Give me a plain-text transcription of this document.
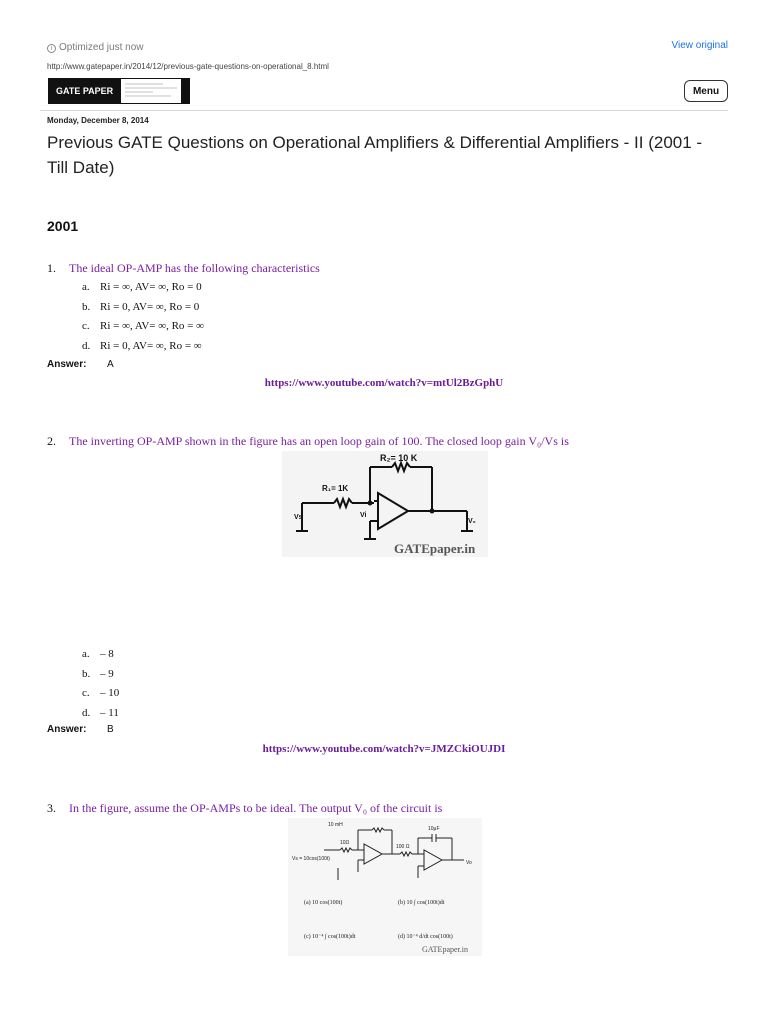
i Optimized just now	View original
http://www.gatepaper.in/2014/12/previous-gate-questions-on-operational_8.html
GATE PAPER	Menu
Monday, December 8, 2014
Previous GATE Questions on Operational Amplifiers & Differential Amplifiers - II (2001 - Till Date)
2001
1. The ideal OP-AMP has the following characteristics
a. Ri = ∞, AV= ∞, Ro = 0
b. Ri = 0, AV= ∞, Ro = 0
c. Ri = ∞, AV= ∞, Ro = ∞
d. Ri = 0, AV= ∞, Ro = ∞
Answer: A
https://www.youtube.com/watch?v=mtUl2BzGphU
2. The inverting OP-AMP shown in the figure has an open loop gain of 100. The closed loop gain V₀/Vs is
R₂= 10 K
R₁= 1K
Vs	Vi
V₀
GATEpaper.in
a. – 8
b. – 9
c. – 10
d. – 11
Answer: B
https://www.youtube.com/watch?v=JMZCkiOUJDI
3. In the figure, assume the OP-AMPs to be ideal. The output V₀ of the circuit is
10 mH
10Ω
100 Ω
10μF
Vs = 10cos(100t)
Vo
(a) 10 cos(100t)	(b) 10 ∫ cos(100t)dt
(c) 10⁻⁴ ∫ cos(100t)dt	(d) 10⁻⁴ d/dt cos(100t)
GATEpaper.in
